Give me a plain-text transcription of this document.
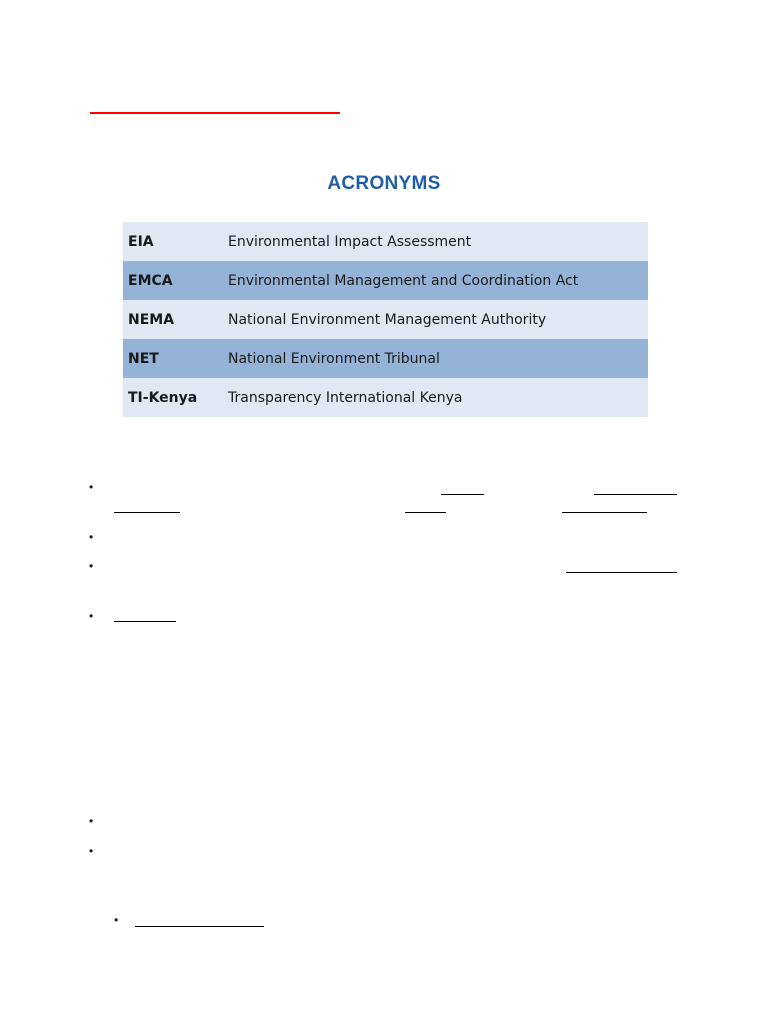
ACRONYMS
EIA	Environmental Impact Assessment
EMCA	Environmental Management and Coordination Act
NEMA	National Environment Management Authority
NET	National Environment Tribunal
TI-Kenya	Transparency International Kenya
•
•
•
•
•
•
•
